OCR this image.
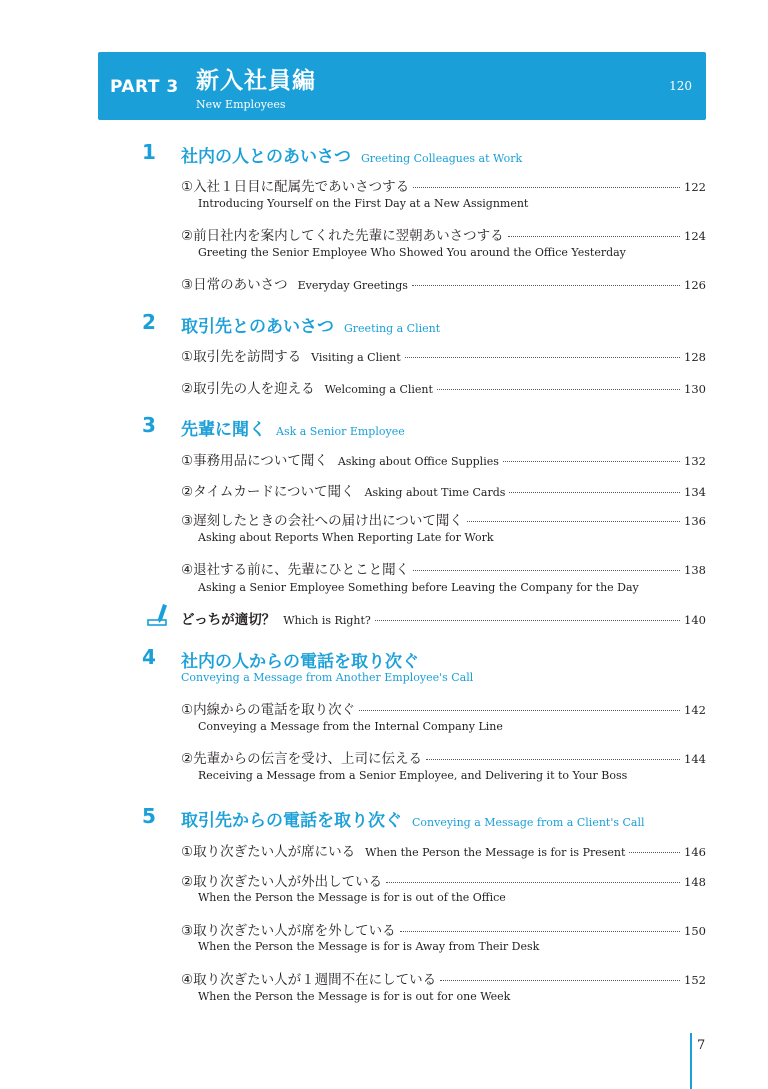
PART 3 新入社員編
New Employees
120
1 社内の人とのあいさつ Greeting Colleagues at Work
①入社１日目に配属先であいさつする	122
Introducing Yourself on the First Day at a New Assignment
②前日社内を案内してくれた先輩に翌朝あいさつする	124
Greeting the Senior Employee Who Showed You around the Office Yesterday
③日常のあいさつ Everyday Greetings	126
2 取引先とのあいさつ Greeting a Client
①取引先を訪問する Visiting a Client	128
②取引先の人を迎える Welcoming a Client	130
3 先輩に聞く Ask a Senior Employee
①事務用品について聞く Asking about Office Supplies	132
②タイムカードについて聞く Asking about Time Cards	134
③遅刻したときの会社への届け出について聞く	136
Asking about Reports When Reporting Late for Work
④退社する前に、先輩にひとこと聞く	138
Asking a Senior Employee Something before Leaving the Company for the Day
どっちが適切？ Which is Right?	140
4 社内の人からの電話を取り次ぐ
Conveying a Message from Another Employee's Call
①内線からの電話を取り次ぐ	142
Conveying a Message from the Internal Company Line
②先輩からの伝言を受け、上司に伝える	144
Receiving a Message from a Senior Employee, and Delivering it to Your Boss
5 取引先からの電話を取り次ぐ Conveying a Message from a Client's Call
①取り次ぎたい人が席にいる When the Person the Message is for is Present	146
②取り次ぎたい人が外出している	148
When the Person the Message is for is out of the Office
③取り次ぎたい人が席を外している	150
When the Person the Message is for is Away from Their Desk
④取り次ぎたい人が１週間不在にしている	152
When the Person the Message is for is out for one Week
7
